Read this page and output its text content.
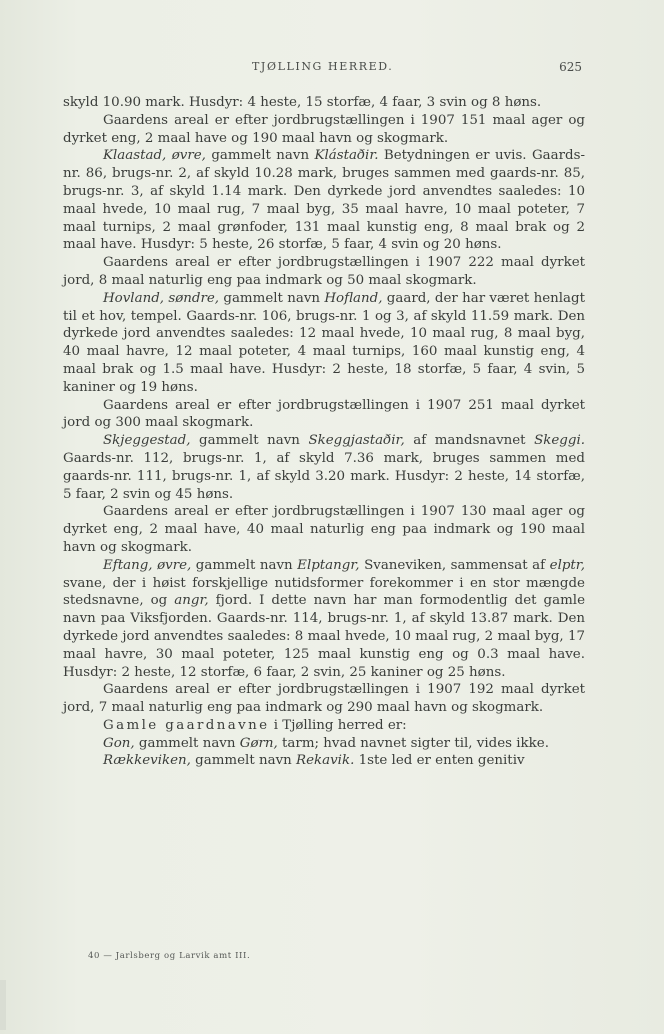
TJØLLING HERRED.	625

skyld 10.90 mark. Husdyr: 4 heste, 15 storfæ, 4 faar, 3 svin og 8 høns.

Gaardens areal er efter jordbrugstællingen i 1907 151 maal ager og dyrket eng, 2 maal have og 190 maal havn og skogmark.

Klaastad, øvre, gammelt navn Klástaðir. Betydningen er uvis. Gaards-nr. 86, brugs-nr. 2, af skyld 10.28 mark, bruges sammen med gaards-nr. 85, brugs-nr. 3, af skyld 1.14 mark. Den dyrkede jord anvendtes saaledes: 10 maal hvede, 10 maal rug, 7 maal byg, 35 maal havre, 10 maal poteter, 7 maal turnips, 2 maal grønfoder, 131 maal kunstig eng, 8 maal brak og 2 maal have. Husdyr: 5 heste, 26 storfæ, 5 faar, 4 svin og 20 høns.

Gaardens areal er efter jordbrugstællingen i 1907 222 maal dyrket jord, 8 maal naturlig eng paa indmark og 50 maal skogmark.

Hovland, søndre, gammelt navn Hofland, gaard, der har været henlagt til et hov, tempel. Gaards-nr. 106, brugs-nr. 1 og 3, af skyld 11.59 mark. Den dyrkede jord anvendtes saaledes: 12 maal hvede, 10 maal rug, 8 maal byg, 40 maal havre, 12 maal poteter, 4 maal turnips, 160 maal kunstig eng, 4 maal brak og 1.5 maal have. Husdyr: 2 heste, 18 storfæ, 5 faar, 4 svin, 5 kaniner og 19 høns.

Gaardens areal er efter jordbrugstællingen i 1907 251 maal dyrket jord og 300 maal skogmark.

Skjeggestad, gammelt navn Skeggjastaðir, af mandsnavnet Skeggi. Gaards-nr. 112, brugs-nr. 1, af skyld 7.36 mark, bruges sammen med gaards-nr. 111, brugs-nr. 1, af skyld 3.20 mark. Husdyr: 2 heste, 14 storfæ, 5 faar, 2 svin og 45 høns.

Gaardens areal er efter jordbrugstællingen i 1907 130 maal ager og dyrket eng, 2 maal have, 40 maal naturlig eng paa indmark og 190 maal havn og skogmark.

Eftang, øvre, gammelt navn Elptangr, Svaneviken, sammensat af elptr, svane, der i høist forskjellige nutidsformer forekommer i en stor mængde stedsnavne, og angr, fjord. I dette navn har man formodentlig det gamle navn paa Viksfjorden. Gaards-nr. 114, brugs-nr. 1, af skyld 13.87 mark. Den dyrkede jord anvendtes saaledes: 8 maal hvede, 10 maal rug, 2 maal byg, 17 maal havre, 30 maal poteter, 125 maal kunstig eng og 0.3 maal have. Husdyr: 2 heste, 12 storfæ, 6 faar, 2 svin, 25 kaniner og 25 høns.

Gaardens areal er efter jordbrugstællingen i 1907 192 maal dyrket jord, 7 maal naturlig eng paa indmark og 290 maal havn og skogmark.

Gamle gaardnavne i Tjølling herred er:

Gon, gammelt navn Gørn, tarm; hvad navnet sigter til, vides ikke.

Rækkeviken, gammelt navn Rekavik. 1ste led er enten genitiv

40 — Jarlsberg og Larvik amt III.
